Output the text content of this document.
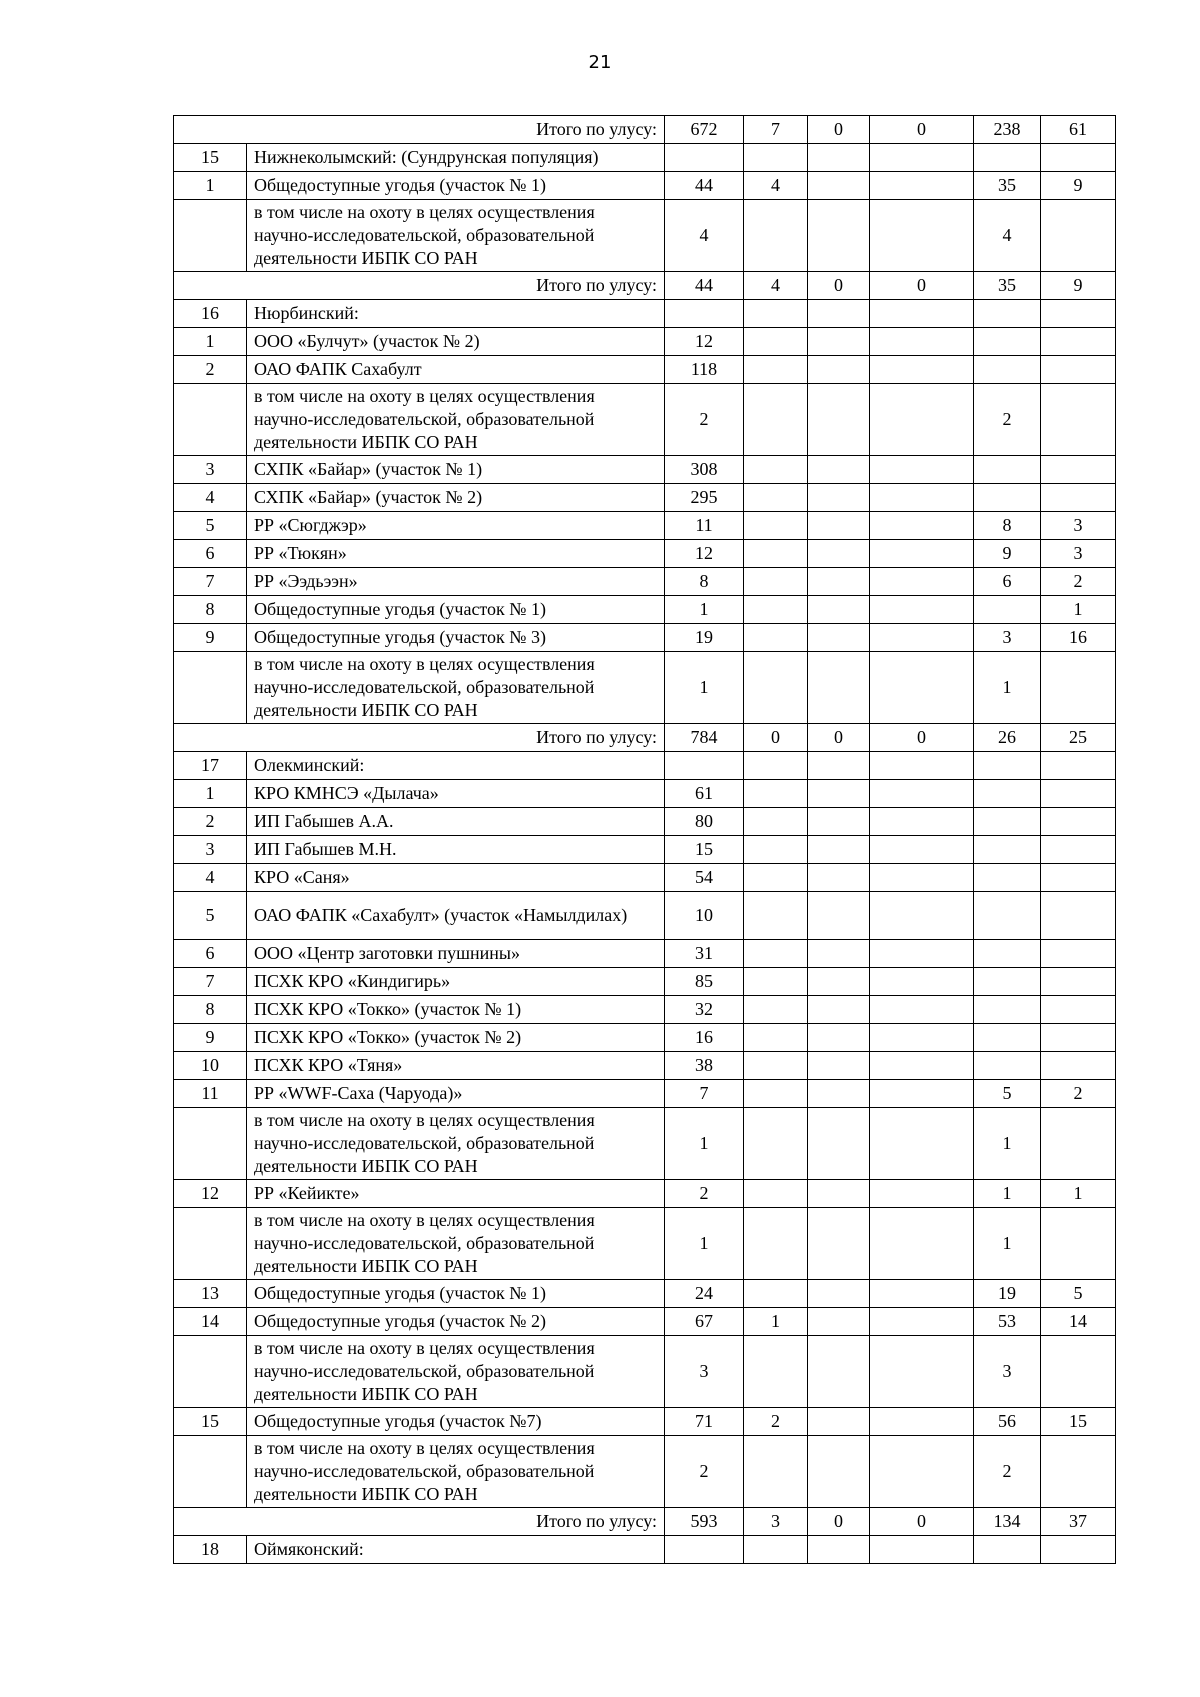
21
Итого по улусу:		672	7	0	0	238	61
15	Нижнеколымский: (Сундрунская популяция)						
1	Общедоступные угодья (участок № 1)	44	4			35	9
	в том числе на охоту в целях осуществления научно-исследовательской, образовательной деятельности ИБПК СО РАН	4				4	
Итого по улусу:		44	4	0	0	35	9
16	Нюрбинский:						
1	ООО «Булчут» (участок № 2)	12					
2	ОАО ФАПК Сахабулт	118					
	в том числе на охоту в целях осуществления научно-исследовательской, образовательной деятельности ИБПК СО РАН	2				2	
3	СХПК «Байар» (участок № 1)	308					
4	СХПК «Байар» (участок № 2)	295					
5	РР «Сюгджэр»	11				8	3
6	РР «Тюкян»	12				9	3
7	РР «Ээдьээн»	8				6	2
8	Общедоступные угодья (участок № 1)	1					1
9	Общедоступные угодья (участок № 3)	19				3	16
	в том числе на охоту в целях осуществления научно-исследовательской, образовательной деятельности ИБПК СО РАН	1				1	
Итого по улусу:		784	0	0	0	26	25
17	Олекминский:						
1	КРО КМНСЭ «Дылача»	61					
2	ИП Габышев А.А.	80					
3	ИП Габышев М.Н.	15					
4	КРО «Саня»	54					
5	ОАО ФАПК «Сахабулт» (участок «Намылдилах)	10					
6	ООО «Центр заготовки пушнины»	31					
7	ПСХК КРО «Киндигирь»	85					
8	ПСХК КРО «Токко» (участок № 1)	32					
9	ПСХК КРО «Токко» (участок № 2)	16					
10	ПСХК КРО «Тяня»	38					
11	РР «WWF-Саха (Чаруода)»	7				5	2
	в том числе на охоту в целях осуществления научно-исследовательской, образовательной деятельности ИБПК СО РАН	1				1	
12	РР «Кейикте»	2				1	1
	в том числе на охоту в целях осуществления научно-исследовательской, образовательной деятельности ИБПК СО РАН	1				1	
13	Общедоступные угодья (участок № 1)	24				19	5
14	Общедоступные угодья (участок № 2)	67	1			53	14
	в том числе на охоту в целях осуществления научно-исследовательской, образовательной деятельности ИБПК СО РАН	3				3	
15	Общедоступные угодья (участок №7)	71	2			56	15
	в том числе на охоту в целях осуществления научно-исследовательской, образовательной деятельности ИБПК СО РАН	2				2	
Итого по улусу:		593	3	0	0	134	37
18	Оймяконский:						
